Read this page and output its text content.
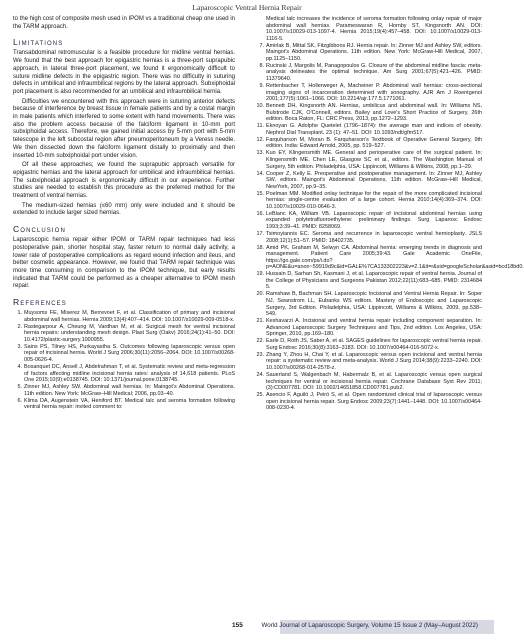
Laparoscopic Ventral Hernia Repair

to the high cost of composite mesh used in IPOM vs a traditional cheap one used in the TARM approach.

Limitations

Transabdominal retromuscular is a feasible procedure for midline ventral hernias. We found that the best approach for epigastric hernias is a three-port suprapubic approach, in lateral three-port placement, we found it ergonomically difficult to suture midline defects in the epigastric region. There was no difficulty in suturing defects in umbilical and infraumbilical regions by the lateral approach. Subxiphoidal port placement is also recommended for an umbilical and infraumbilical hernia.

Difficulties we encountered with this approach were in suturing anterior defects because of interference by breast tissue in female patients and by a costal margin in male patients which interfered to some extent with hand movements. There was also the problem access because of the falciform ligament in 10-mm port subxiphoidal access. Therefore, we gained initial access by 5-mm port with 5-mm telescope in the left subcostal region after pneumoperitoneum by a Veress needle. We then dissected down the falciform ligament distally to proximally and then inserted 10-mm subxiphoidal port under vision.

Of all these approaches; we found the suprapubic approach versatile for epigastric hernias and the lateral approach for umbilical and infraumbilical hernias. The subxiphoidal approach is ergonomically difficult in our experience. Further studies are needed to establish this procedure as the preferred method for the treatment of ventral hernias.

The medium-sized hernias (≤60 mm) only were included and it should be extended to include larger sized hernias.

Conclusion

Laparoscopic hernia repair either IPOM or TARM repair techniques had less postoperative pain, shorter hospital stay, faster return to normal daily activity, a lower rate of postoperative complications as regard wound infection and ileus, and better cosmetic appearance. However, we found that TARM repair technique was more time consuming in comparison to the IPOM technique, but early results indicated that TARM could be performed as a cheaper alternative to IPOM mesh repair.

References
1. Muysoms FE, Miserez M, Berrevoet F, et al. Classification of primary and incisional abdominal wall hernias. Hernia 2009;13(4):407–414. DOI: 10.1007/s10029-009-0518-x.
2. Rastegarpour A, Cheung M, Vardhan M, et al. Surgical mesh for ventral incisional hernia repairs: understanding mesh design. Plast Surg (Oakv) 2016;24(1):41–50. DOI: 10.4172/plastic-surgery.1000955.
3. Sains PS, Tilney HS, Purkayastha S. Outcomes following laparoscopic versus open repair of incisional hernia. World J Surg 2006;30(11):2056–2064. DOI: 10.1007/s00268-005-0626-4.
4. Bosanquet DC, Ansell J, Abdelrahman T, et al. Systematic review and meta-regression of factors affecting midline incisional hernia rates: analysis of 14,618 patients. PLoS One 2015;10(9):e0138745. DOI: 10.1371/journal.pone.0138745.
5. Zinner MJ, Ashley SW. Abdominal wall hernias. In: Maingot's Abdominal Operations. 11th edition. New York: McGraw–Hill Medical; 2006, pp.03–40.
6. Klima DA, Augenstein VA, Heniford BT. Medical talc and seroma formation following ventral hernia repair: invited comment to:
Medical talc increases the incidence of seroma formation following onlay repair of major abdominal wall hernias. Parameswaran R, Hornby ST, Kingsnorth AN. DOI: 10.1007/s10029-013-1097-4. Hernia 2015;19(4):457–458. DOI: 10.1007/s10029-013-1116-5.
7. Amirlak B, Mittal SK, Fitzgibbons RJ. Hernia repair. In: Zinner MJ and Ashley SW, editors. Maingot's Abdominal Operations. 11th edition. New York: McGraw-Hill Medical, 2007, pp.1125–1150.
8. Rucinski J, Margolis M, Panagopoulos G. Closure of the abdominal midline fascia: meta-analysis delineates the optimal technique. Am Surg 2001;67(5):421–426. PMID: 11379640.
9. Rettenbacher T, Hollerweger A, Macheiner P. Abdominal wall hernias: cross-sectional imaging signs of incarceration determined with sonography. AJR Am J Roentgenol 2001;177(5):1061–1066. DOI: 10.2214/ajr.177.5.1771061.
10. Bennett DH, Kingsnorth AN. Hernias, umbilicus and abdominal wall. In: Williams NS, Bulstrode CJK, O'Connell, editors. Bailey and Love's Short Practice of Surgery, 26th edition. Boca Raton, FL: CRC Press, 2013, pp.1272–1293.
11. Eknoyan G. Adolphe Quetelet (1796–1874): the average man and indices of obesity. Nephrol Dial Transplant. 23 (1): 47–51. DOI: 10.1093/ndt/gfm517.
12. Farquharson M, Moran B. Farquharson's Textbook of Operative General Surgery, 9th edition. India: Edward Arnold, 2005, pp. 519–527.
13. Kuo EY, Klingensmith ME. General and perioperative care of the surgical patient. In: Klingensmith ME, Chen LE, Glasgow SC et al., editors. The Washington Manual of Surgery, 5th edition. Philadelphia, USA: Lippincott, Williams & Wilkins, 2008, pp.1–29.
14. Cooper Z, Kelly E. Preoperative and postoperative management. In: Zinner MJ, Ashley SW, editors. Maingot's Abdominal Operations, 11th edition. McGraw–Hill Medical, NewYork, 2007, pp.9–35.
15. Poelman MM. Modified onlay technique for the repair of the more complicated incisional hernias: single-centre evaluation of a large cohort. Hernia 2010;14(4):369–374. DOI: 10.1007/s10029-010-0646-3.
16. LeBlanc KA, William VB. Laparoscopic repair of incisional abdominal hernias using expanded polytetrafluoroethylene: preliminary findings. Surg Laparosc Endosc 1993;3:39–41. PMID: 8258069.
17. Tsimoyiannis EC. Seroma and recurrence in laparoscopic ventral hernioplasty. JSLS 2008;12(1):51–57. PMID: 18402735.
18. Amid PK, Graham M, Selwyn CA. Abdominal hernia: emerging trends in diagnosis and management. Patient Care 2005;39:43. Gale Academic OneFile, https://go.gale.com/ps/i.do?p=AONE&u=anon~59919d9c&id=GALE%7CA133302223&v=2.1&it=r&sid=googleScholar&asid=bcd18bd0.
19. Hussain D, Sarhan Sh, Kasmani J, et al. Laparoscopic repair of ventral hernia. Journal of the College of Physicians and Surgeons Pakistan 2012;22(11):683–685. PMID: 23146845.
20. Ramshaw B, Bachman SH. Laparoscopic Incisional and Ventral Hernia Repair. In: Soper NJ, Swanstrom LL, Eubanks WS editors. Mastery of Endoscopic and Laparoscopic Surgery, 3rd Edition. Philadelphia, USA: Lippincott, Williams & Wilkins, 2009, pp.538–549.
21. Keshavarzi A. Incisional and ventral hernia repair including component separation. In: Advanced Laparoscopic Surgery Techniques and Tips, 2nd edition. Los Angeles, USA: Springer, 2010, pp.169–180.
22. Earle D, Roth JS, Saber A, et al. SAGES guidelines for laparoscopic ventral hernia repair. Surg Endosc 2016;30(8):3163–3183. DOI: 10.1007/s00464-016-5072-x.
23. Zhang Y, Zhou H, Chai Y, et al. Laparoscopic versus open incisional and ventral hernia repair: a systematic review and meta-analysis. World J Surg 2014;38(9):2233–2240. DOI: 10.1007/s00268-014-2578-z.
24. Sauerland S, Walgenbach M, Habermalz B, et al. Laparoscopic versus open surgical techniques for ventral or incisional hernia repair. Cochrane Database Syst Rev 2011;(3):CD007781. DOI: 10.1002/14651858.CD007781.pub2.
25. Asencio F, Aguiló J, Peiró S, et al. Open randomized clinical trial of laparoscopic versus open incisional hernia repair. Surg Endosc 2009;23(7):1441–1448. DOI: 10.1007/s00464-008-0230-4.
155	World Journal of Laparoscopic Surgery, Volume 15 Issue 2 (May–August 2022)
